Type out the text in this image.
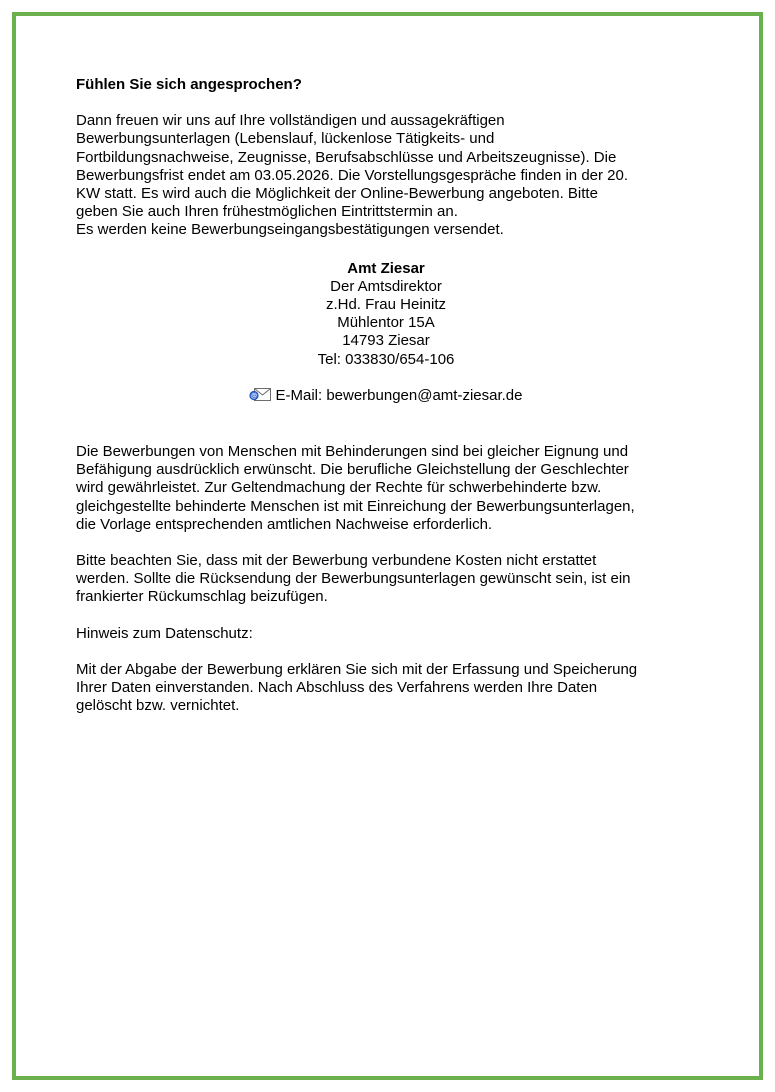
Fühlen Sie sich angesprochen?

Dann freuen wir uns auf Ihre vollständigen und aussagekräftigen
Bewerbungsunterlagen (Lebenslauf, lückenlose Tätigkeits- und
Fortbildungsnachweise, Zeugnisse, Berufsabschlüsse und Arbeitszeugnisse). Die
Bewerbungsfrist endet am 03.05.2026. Die Vorstellungsgespräche finden in der 20.
KW statt. Es wird auch die Möglichkeit der Online-Bewerbung angeboten. Bitte
geben Sie auch Ihren frühestmöglichen Eintrittstermin an.
Es werden keine Bewerbungseingangsbestätigungen versendet.

Amt Ziesar
Der Amtsdirektor
z.Hd. Frau Heinitz
Mühlentor 15A
14793 Ziesar
Tel: 033830/654-106
@ E-Mail: bewerbungen@amt-ziesar.de

Die Bewerbungen von Menschen mit Behinderungen sind bei gleicher Eignung und
Befähigung ausdrücklich erwünscht. Die berufliche Gleichstellung der Geschlechter
wird gewährleistet. Zur Geltendmachung der Rechte für schwerbehinderte bzw.
gleichgestellte behinderte Menschen ist mit Einreichung der Bewerbungsunterlagen,
die Vorlage entsprechenden amtlichen Nachweise erforderlich.

Bitte beachten Sie, dass mit der Bewerbung verbundene Kosten nicht erstattet
werden. Sollte die Rücksendung der Bewerbungsunterlagen gewünscht sein, ist ein
frankierter Rückumschlag beizufügen.

Hinweis zum Datenschutz:

Mit der Abgabe der Bewerbung erklären Sie sich mit der Erfassung und Speicherung
Ihrer Daten einverstanden. Nach Abschluss des Verfahrens werden Ihre Daten
gelöscht bzw. vernichtet.
